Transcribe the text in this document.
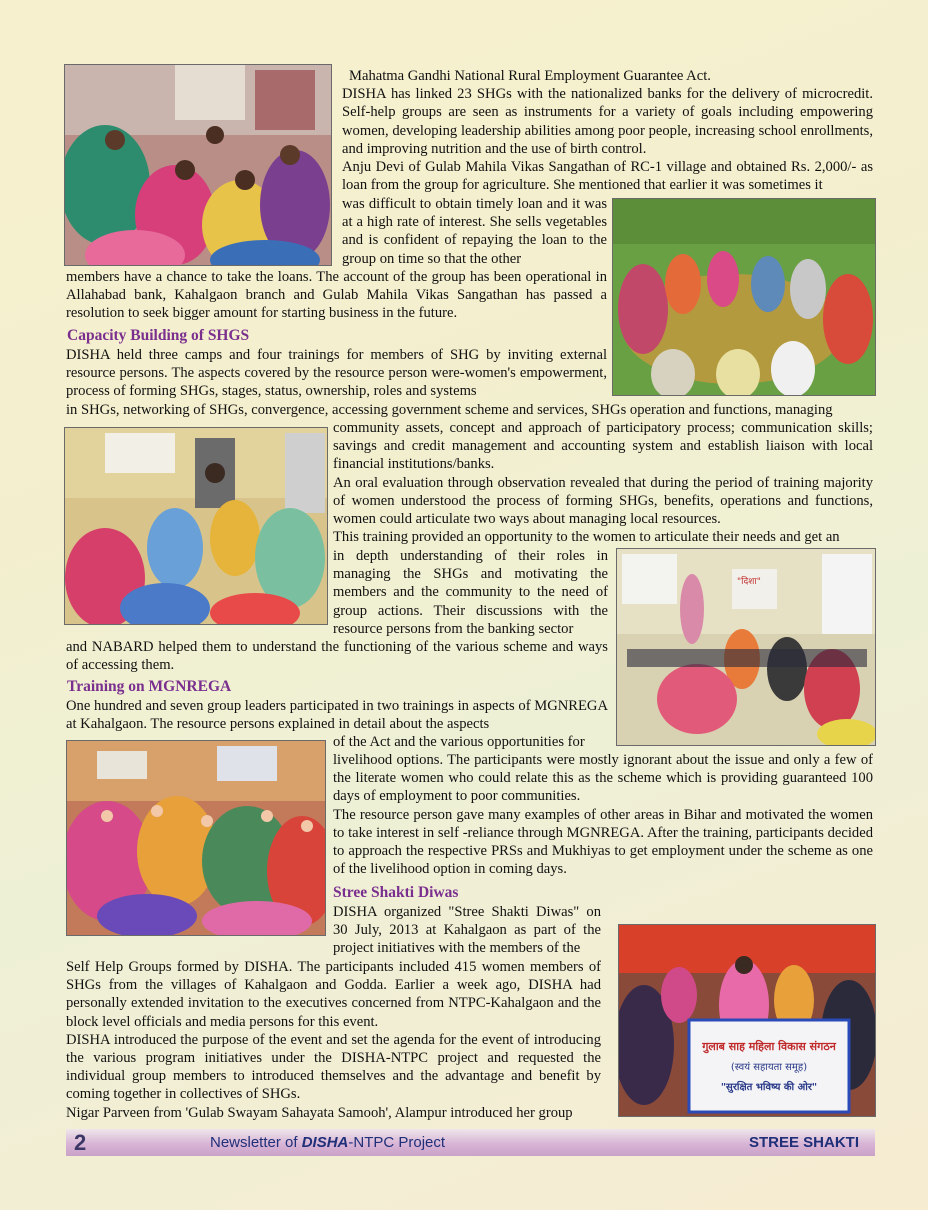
Mahatma Gandhi National Rural Employment Guarantee Act.

DISHA has linked 23 SHGs with the nationalized banks for the delivery of microcredit. Self-help groups are seen as instruments for a variety of goals including empowering women, developing leadership abilities among poor people, increasing school enrollments, and improving nutrition and the use of birth control.

Anju Devi of Gulab Mahila Vikas Sangathan of RC-1 village and obtained Rs. 2,000/- as loan from the group for agriculture. She mentioned that earlier it was sometimes it

was difficult to obtain timely loan and it was at a high rate of interest. She sells vegetables and is confident of repaying the loan to the group on time so that the other

members have a chance to take the loans. The account of the group has been operational in Allahabad bank, Kahalgaon branch and Gulab Mahila Vikas Sangathan has passed a resolution to seek bigger amount for starting business in the future.

Capacity Building of SHGS

DISHA held three camps and four trainings for members of SHG by inviting external resource persons. The aspects covered by the resource person were-women's empowerment, process of forming SHGs, stages, status, ownership, roles and systems

in SHGs, networking of SHGs, convergence, accessing government scheme and services, SHGs operation and functions, managing

community assets, concept and approach of participatory process; communication skills; savings and credit management and accounting system and establish liaison with local financial institutions/banks.

An oral evaluation through observation revealed that during the period of training majority of women understood the process of forming SHGs, benefits, operations and functions, women could articulate two ways about managing local resources.

This training provided an opportunity to the women to articulate their needs and get an

"दिशा"

in depth understanding of their roles in managing the SHGs and motivating the members and the community to the need of group actions. Their discussions with the resource persons from the banking sector

and NABARD helped them to understand the functioning of the various scheme and ways of accessing them.

Training on MGNREGA

One hundred and seven group leaders participated in two trainings in aspects of MGNREGA at Kahalgaon. The resource persons explained in detail about the aspects

of the Act and the various opportunities for

livelihood options. The participants were mostly ignorant about the issue and only a few of the literate women who could relate this as the scheme which is providing guaranteed 100 days of employment to poor communities.

The resource person gave many examples of other areas in Bihar and motivated the women to take interest in self -reliance through MGNREGA. After the training, participants decided to approach the respective PRSs and Mukhiyas to get employment under the scheme as one of the livelihood option in coming days.

Stree Shakti Diwas

DISHA organized "Stree Shakti Diwas" on 30 July, 2013 at Kahalgaon as part of the project initiatives with the members of the

गुलाब साह महिला विकास संगठन
(स्वयं सहायता समूह)
"सुरक्षित भविष्य की ओर"

Self Help Groups formed by DISHA. The participants included 415 women members of SHGs from the villages of Kahalgaon and Godda. Earlier a week ago, DISHA had personally extended invitation to the executives concerned from NTPC-Kahalgaon and the block level officials and media persons for this event.

DISHA introduced the purpose of the event and set the agenda for the event of introducing the various program initiatives under the DISHA-NTPC project and requested the individual group members to introduced themselves and the advantage and benefit by coming together in collectives of SHGs.

Nigar Parveen from 'Gulab Swayam Sahayata Samooh', Alampur introduced her group

2	Newsletter of DISHA-NTPC Project	STREE SHAKTI
